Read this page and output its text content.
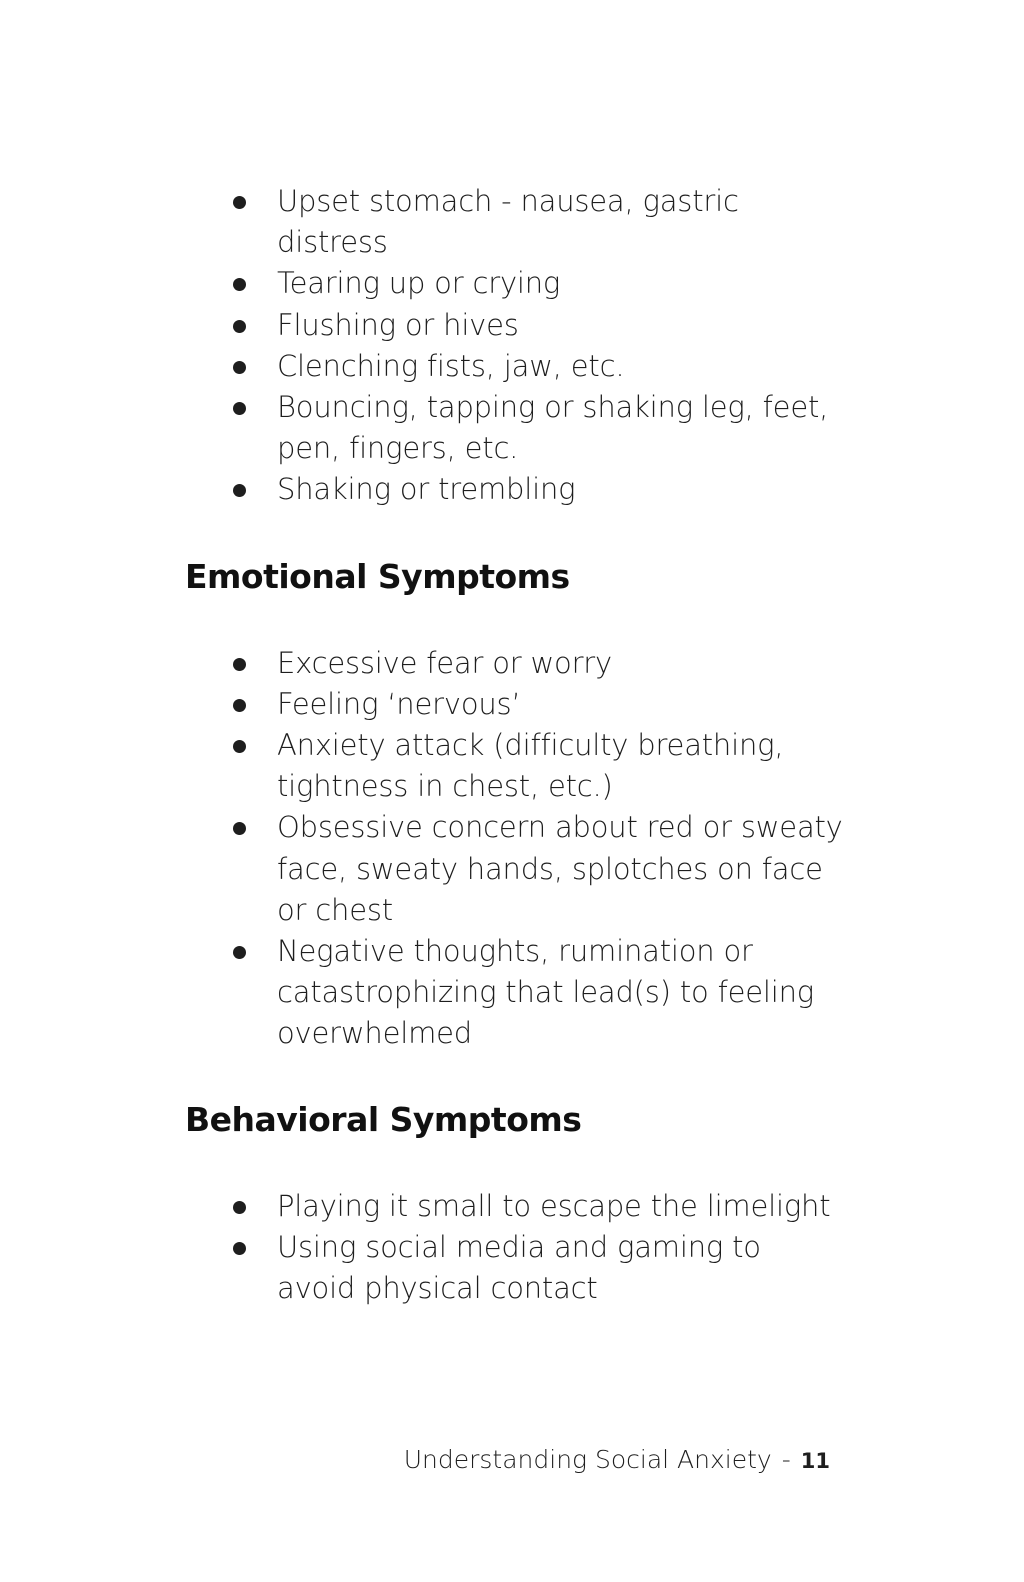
Upset stomach - nausea, gastric distress
Tearing up or crying
Flushing or hives
Clenching fists, jaw, etc.
Bouncing, tapping or shaking leg, feet, pen, fingers, etc.
Shaking or trembling
Emotional Symptoms
Excessive fear or worry
Feeling ‘nervous’
Anxiety attack (difficulty breathing, tightness in chest, etc.)
Obsessive concern about red or sweaty face, sweaty hands, splotches on face or chest
Negative thoughts, rumination or catastrophizing that lead(s) to feeling overwhelmed
Behavioral Symptoms
Playing it small to escape the limelight
Using social media and gaming to avoid physical contact
Understanding Social Anxiety - 11
